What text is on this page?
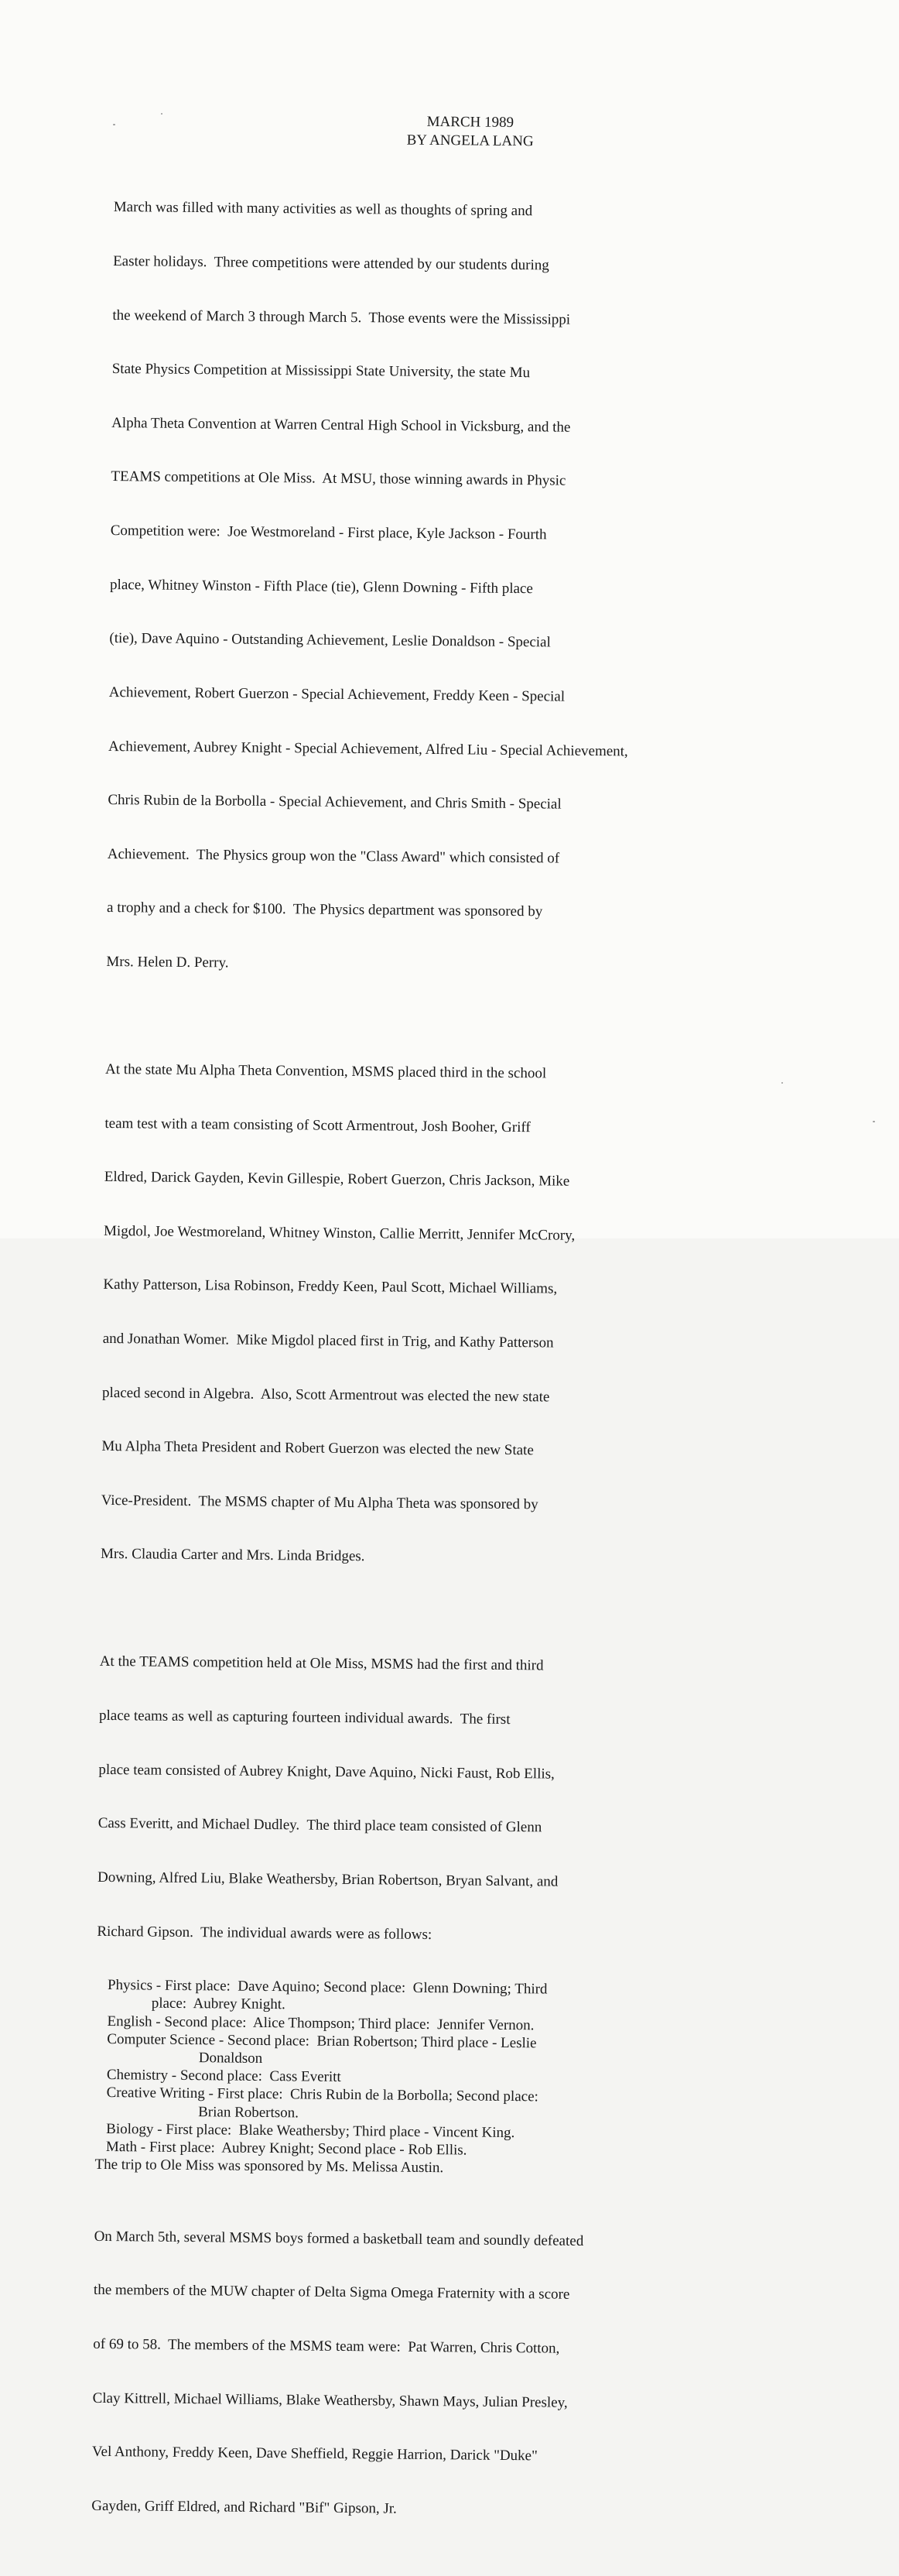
MARCH 1989
BY ANGELA LANG

March was filled with many activities as well as thoughts of spring and

Easter holidays.  Three competitions were attended by our students during

the weekend of March 3 through March 5.  Those events were the Mississippi

State Physics Competition at Mississippi State University, the state Mu

Alpha Theta Convention at Warren Central High School in Vicksburg, and the

TEAMS competitions at Ole Miss.  At MSU, those winning awards in Physic

Competition were:  Joe Westmoreland - First place, Kyle Jackson - Fourth

place, Whitney Winston - Fifth Place (tie), Glenn Downing - Fifth place

(tie), Dave Aquino - Outstanding Achievement, Leslie Donaldson - Special

Achievement, Robert Guerzon - Special Achievement, Freddy Keen - Special

Achievement, Aubrey Knight - Special Achievement, Alfred Liu - Special Achievement,

Chris Rubin de la Borbolla - Special Achievement, and Chris Smith - Special

Achievement.  The Physics group won the "Class Award" which consisted of

a trophy and a check for $100.  The Physics department was sponsored by

Mrs. Helen D. Perry.

At the state Mu Alpha Theta Convention, MSMS placed third in the school

team test with a team consisting of Scott Armentrout, Josh Booher, Griff

Eldred, Darick Gayden, Kevin Gillespie, Robert Guerzon, Chris Jackson, Mike

Migdol, Joe Westmoreland, Whitney Winston, Callie Merritt, Jennifer McCrory,

Kathy Patterson, Lisa Robinson, Freddy Keen, Paul Scott, Michael Williams,

and Jonathan Womer.  Mike Migdol placed first in Trig, and Kathy Patterson

placed second in Algebra.  Also, Scott Armentrout was elected the new state

Mu Alpha Theta President and Robert Guerzon was elected the new State

Vice-President.  The MSMS chapter of Mu Alpha Theta was sponsored by

Mrs. Claudia Carter and Mrs. Linda Bridges.

At the TEAMS competition held at Ole Miss, MSMS had the first and third

place teams as well as capturing fourteen individual awards.  The first

place team consisted of Aubrey Knight, Dave Aquino, Nicki Faust, Rob Ellis,

Cass Everitt, and Michael Dudley.  The third place team consisted of Glenn

Downing, Alfred Liu, Blake Weathersby, Brian Robertson, Bryan Salvant, and

Richard Gipson.  The individual awards were as follows:

Physics - First place:  Dave Aquino; Second place:  Glenn Downing; Third
place:  Aubrey Knight.
English - Second place:  Alice Thompson; Third place:  Jennifer Vernon.
Computer Science - Second place:  Brian Robertson; Third place - Leslie
Donaldson
Chemistry - Second place:  Cass Everitt
Creative Writing - First place:  Chris Rubin de la Borbolla; Second place:
Brian Robertson.
Biology - First place:  Blake Weathersby; Third place - Vincent King.
Math - First place:  Aubrey Knight; Second place - Rob Ellis.
The trip to Ole Miss was sponsored by Ms. Melissa Austin.

On March 5th, several MSMS boys formed a basketball team and soundly defeated

the members of the MUW chapter of Delta Sigma Omega Fraternity with a score

of 69 to 58.  The members of the MSMS team were:  Pat Warren, Chris Cotton,

Clay Kittrell, Michael Williams, Blake Weathersby, Shawn Mays, Julian Presley,

Vel Anthony, Freddy Keen, Dave Sheffield, Reggie Harrion, Darick "Duke"

Gayden, Griff Eldred, and Richard "Bif" Gipson, Jr.
